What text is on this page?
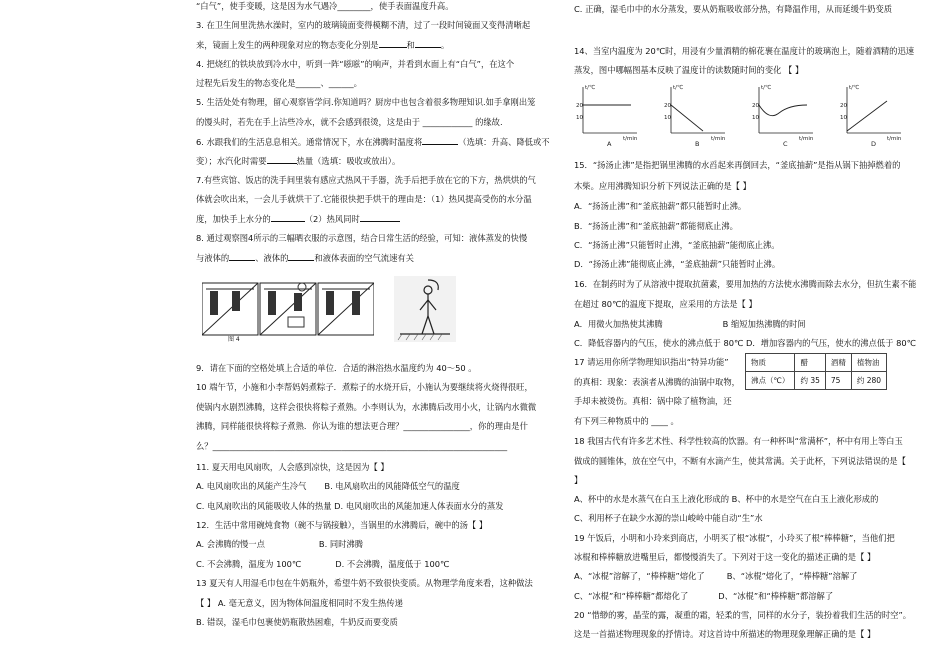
“白气”，使手变暖，这是因为水气遇冷________，使手表面温度升高。
3. 在卫生间里洗热水澡时，室内的玻璃镜面变得模糊不清，过了一段时间镜面又变得清晰起
来，镜面上发生的两种现象对应的物态变化分别是	和	。
4. 把烧红的铁块放到冷水中，听到一阵“嗞嗞”的响声，并看到水面上有“白气”，在这个
过程先后发生的物态变化是______、______。
5. 生活处处有物理，留心观察皆学问.你知道吗？厨房中也包含着很多物理知识.如手拿刚出笼
的馒头时，若先在手上沾些冷水，就不会感到很烫，这是由于 ____________ 的缘故.
6. 水跟我们的生活息息相关。通常情况下，水在沸腾时温度将	（选填：升高、降低或不
变）；水汽化时需要	热量（选填：吸收或放出）。
7.有些宾馆、饭店的洗手间里装有感应式热风干手器，洗手后把手放在它的下方，热烘烘的气
体就会吹出来，一会儿手就烘干了.它能很快把手烘干的理由是：（1）热风提高受伤的水分温
度，加快手上水分的	（2）热风同时
8. 通过观察图4所示的三幅晒衣服的示意图，结合日常生活的经验，可知：液体蒸发的快慢
与液体的	、液体的	和液体表面的空气流速有关
9．请在下面的空格处填上合适的单位．合适的淋浴热水温度约为 40～50 。
10 端午节，小施和小李帮妈妈煮粽子．煮粽子的水烧开后，小施认为要继续将火烧得很旺，
使锅内水剧烈沸腾，这样会很快将粽子煮熟。小李则认为，水沸腾后改用小火，让锅内水微微
沸腾，同样能很快将粽子煮熟．你认为谁的想法更合理？________________，你的理由是什
么？_______________________________________________________________________
11. 夏天用电风扇吹，人会感到凉快，这是因为【 】
A. 电风扇吹出的风能产生冷气 B. 电风扇吹出的风能降低空气的温度
C. 电风扇吹出的风能吸收人体的热量 D. 电风扇吹出的风能加速人体表面水分的蒸发
12．生活中常用碗炖食物（碗不与锅接触），当锅里的水沸腾后，碗中的汤【 】
A. 会沸腾的慢一点	B. 同时沸腾
C. 不会沸腾，温度为 100℃	D. 不会沸腾，温度低于 100℃
13 夏天有人用湿毛巾包在牛奶瓶外，希望牛奶不致很快变质。从物理学角度来看，这种做法
【 】 A. 毫无意义，因为物体间温度相同时不发生热传递
B. 错误，湿毛巾包裹使奶瓶散热困难，牛奶反而要变质
图 4
C. 正确，湿毛巾中的水分蒸发，要从奶瓶吸收部分热，有降温作用，从而延缓牛奶变质
14、当室内温度为 20℃时，用浸有少量酒精的棉花裹在温度计的玻璃泡上，随着酒精的迅速
蒸发，图中哪幅图基本反映了温度计的读数随时间的变化 【 】
15．“扬汤止沸”是指把锅里沸腾的水舀起来再倒回去，“釜底抽薪”是指从锅下抽掉燃着的
木柴。应用沸腾知识分析下列说法正确的是【 】
A．“扬汤止沸”和“釜底抽薪”都只能暂时止沸。
B．“扬汤止沸”和“釜底抽薪”都能彻底止沸。
C．“扬汤止沸”只能暂时止沸，“釜底抽薪”能彻底止沸。
D．“扬汤止沸”能彻底止沸，“釜底抽薪”只能暂时止沸。
16．在制药时为了从溶液中提取抗菌素，要用加热的方法使水沸腾而除去水分，但抗生素不能
在超过 80℃的温度下提取，应采用的方法是【 】
A．用微火加热使其沸腾	B 缩短加热沸腾的时间
C．降低容器内的气压，使水的沸点低于 80℃ D．增加容器内的气压，使水的沸点低于 80℃
17 请运用你所学物理知识指出“特异功能”
的真相：现象：表演者从沸腾的油锅中取物，
手却未被烫伤。真相：锅中除了植物油，还
有下列三种物质中的 ____ 。
18 我国古代有许多艺术性、科学性较高的饮器。有一种杯叫“常满杯”，杯中有用上等白玉
做成的圆锥体，放在空气中，不断有水滴产生，使其常满。关于此杯，下列说法错误的是【
】
A、杯中的水是水蒸气在白玉上液化形成的 B、杯中的水是空气在白玉上液化形成的
C、利用杯子在缺少水源的崇山峻岭中能自动“生”水
19 午饭后，小明和小玲来到商店，小明买了根“冰棍”，小玲买了根“棒棒糖”，当他们把
冰棍和棒棒糖放进嘴里后，都慢慢消失了。下列对于这一变化的描述正确的是【 】
A、“冰棍”溶解了，“棒棒糖”熔化了	B、“冰棍”熔化了，“棒棒糖”溶解了
C、“冰棍”和“棒棒糖”都熔化了	D、“冰棍”和“棒棒糖”都溶解了
20 “惜缈的雾，晶莹的露，凝重的霜，轻柔的雪，同样的水分子，装扮着我们生活的时空”。
这是一首描述物理现象的抒情诗。对这首诗中所描述的物理现象理解正确的是【 】
t/℃
20
10
t/min
A
t/℃
20
10
t/min
B
t/℃
20
10
t/min
C
t/℃
20
10
t/min
D
物质	醋	酒精	植物油
沸点（℃）	约 35	75	约 280
